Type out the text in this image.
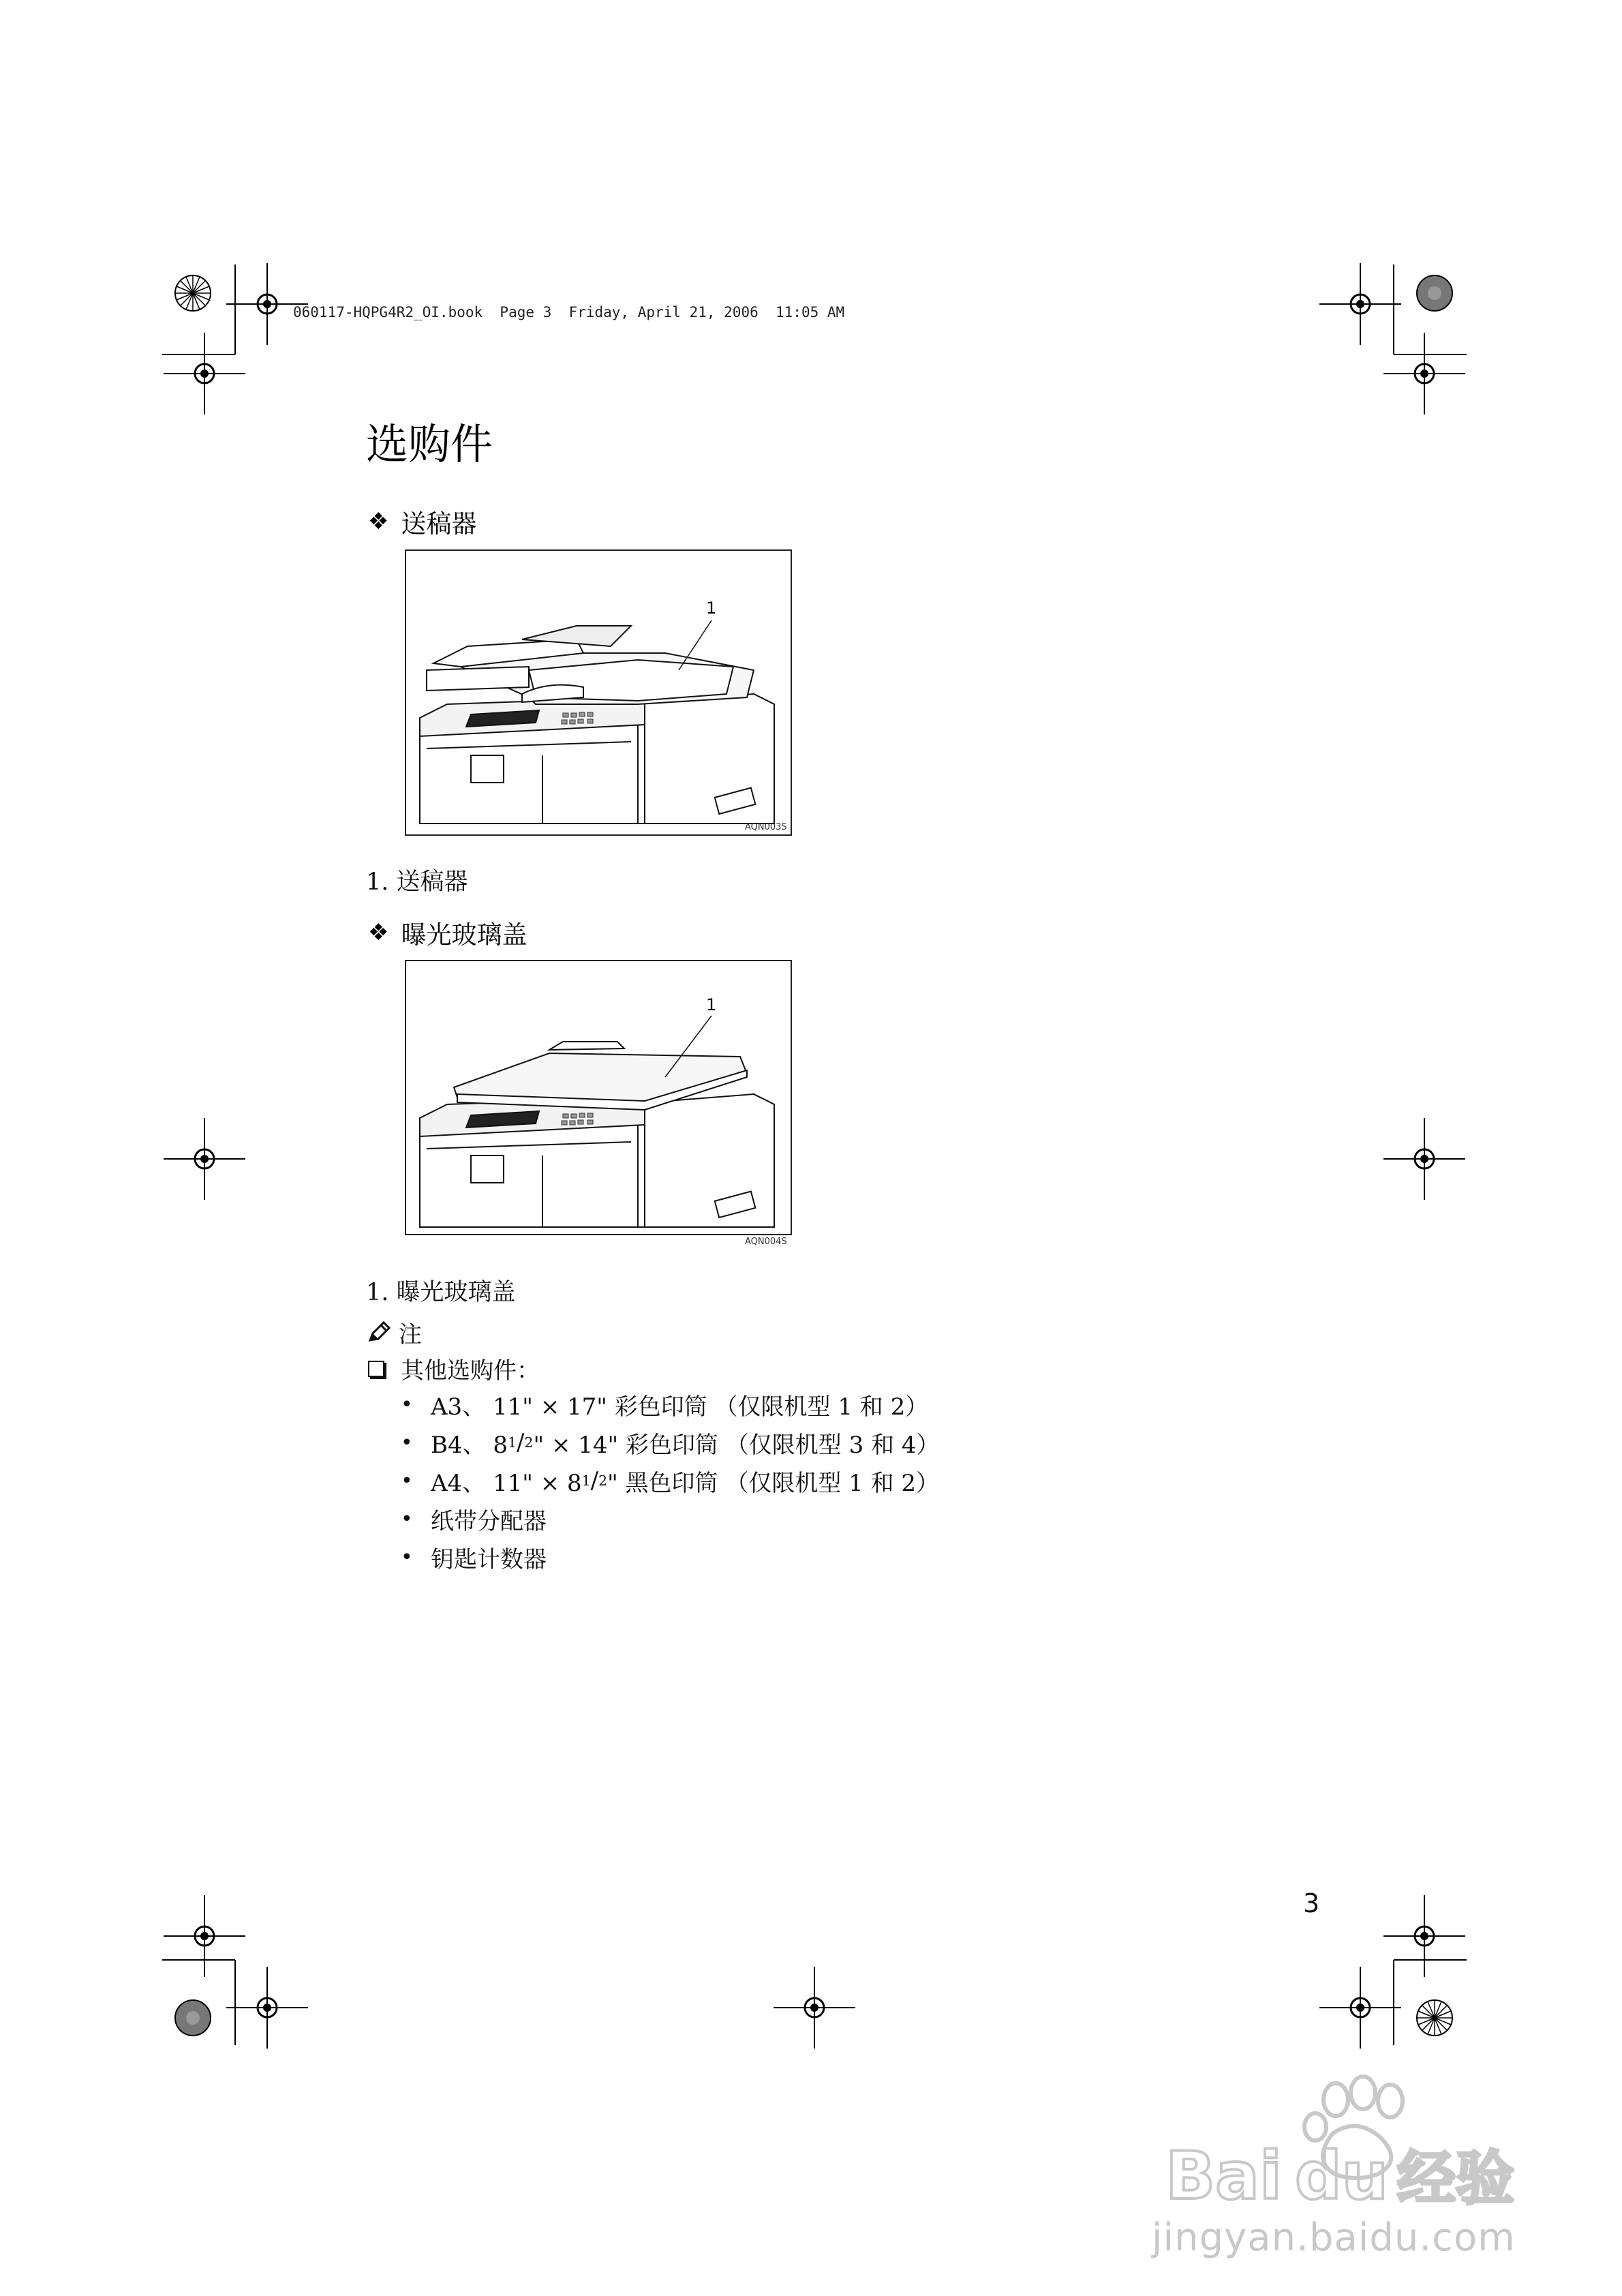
060117-HQPG4R2_OI.book  Page 3  Friday, April 21, 2006  11:05 AM
选购件
❖ 送稿器
1
AQN003S
1. 送稿器
❖ 曝光玻璃盖
1
AQN004S
1. 曝光玻璃盖
注
其他选购件：
• A3、 11" × 17" 彩色印筒 （仅限机型 1 和 2）
• B4、 8 1 / 2 " × 14" 彩色印筒 （仅限机型 3 和 4）
• A4、 11" × 8 1 / 2 " 黑色印筒 （仅限机型 1 和 2）
• 纸带分配器
• 钥匙计数器
3
Bai du 经验
jingyan.baidu.com
